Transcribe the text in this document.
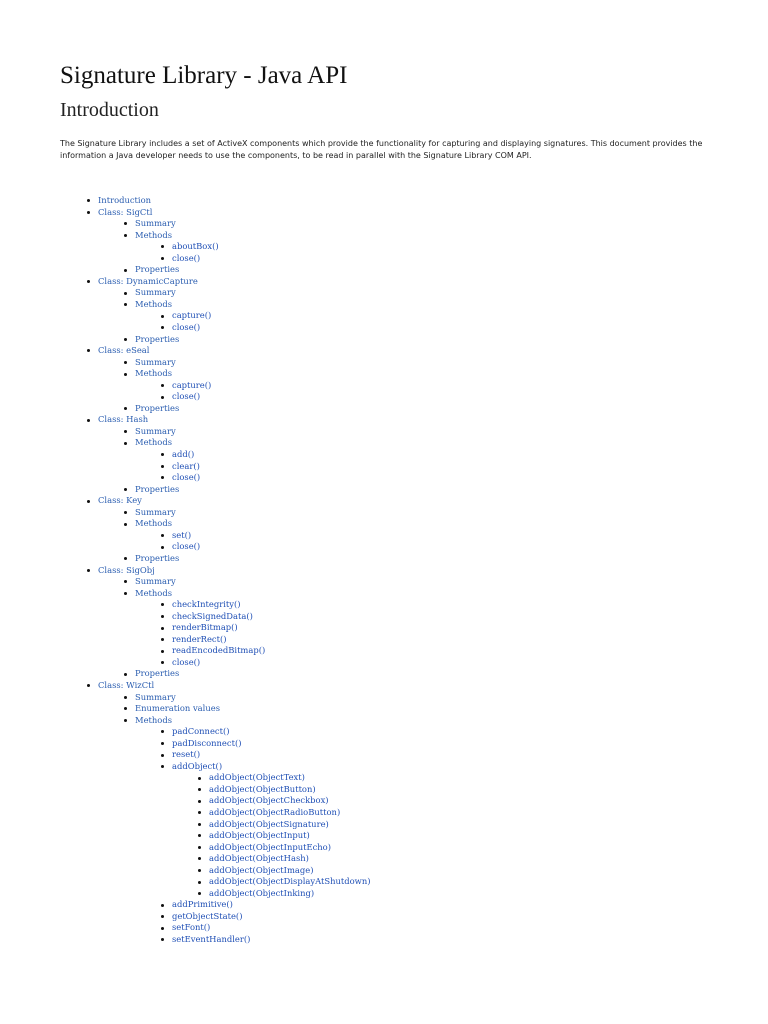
Signature Library - Java API
Introduction

The Signature Library includes a set of ActiveX components which provide the functionality for capturing and displaying signatures. This document provides the information a Java developer needs to use the components, to be read in parallel with the Signature Library COM API.

Introduction
Class: SigCtl
Summary
Methods
aboutBox()
close()
Properties
Class: DynamicCapture
Summary
Methods
capture()
close()
Properties
Class: eSeal
Summary
Methods
capture()
close()
Properties
Class: Hash
Summary
Methods
add()
clear()
close()
Properties
Class: Key
Summary
Methods
set()
close()
Properties
Class: SigObj
Summary
Methods
checkIntegrity()
checkSignedData()
renderBitmap()
renderRect()
readEncodedBitmap()
close()
Properties
Class: WizCtl
Summary
Enumeration values
Methods
padConnect()
padDisconnect()
reset()
addObject()
addObject(ObjectText)
addObject(ObjectButton)
addObject(ObjectCheckbox)
addObject(ObjectRadioButton)
addObject(ObjectSignature)
addObject(ObjectInput)
addObject(ObjectInputEcho)
addObject(ObjectHash)
addObject(ObjectImage)
addObject(ObjectDisplayAtShutdown)
addObject(ObjectInking)
addPrimitive()
getObjectState()
setFont()
setEventHandler()
